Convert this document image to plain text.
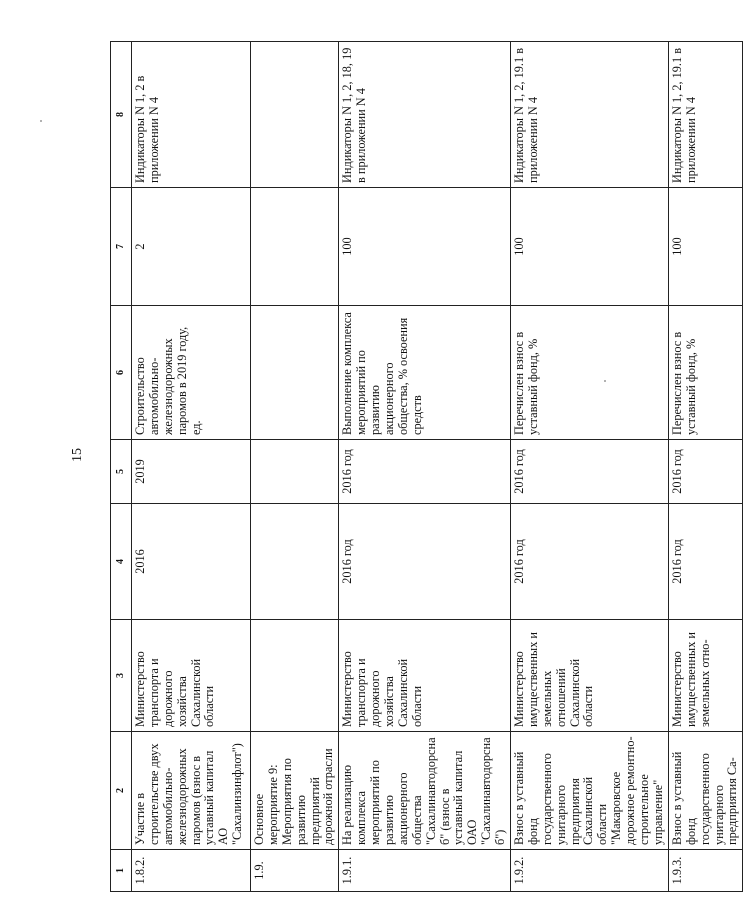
15
1	2	3	4	5	6	7	8
1.8.2.	Участие в строительстве двух автомобильно-железнодорожных паромов (взнос в уставный капитал АО "Сахалинзинфлот")	Министерство транспорта и дорожного хозяйства Сахалинской области	2016	2019	Строительство автомобильно-железнодорожных паромов в 2019 году, ед.	2	Индикаторы N 1, 2 в приложении N 4
1.9.	Основное мероприятие 9: Мероприятия по развитию предприятий дорожной отрасли						
1.9.1.	На реализацию комплекса мероприятий по развитию акционерного общества "Сахалинавтодорснаб" (взнос в уставный капитал ОАО "Сахалинавтодорснаб")	Министерство транспорта и дорожного хозяйства Сахалинской области	2016 год	2016 год	Выполнение комплекса мероприятий по развитию акционерного общества, % освоения средств	100	Индикаторы N 1, 2, 18, 19 в приложении N 4
1.9.2.	Взнос в уставный фонд государственного унитарного предприятия Сахалинской области "Макаровское дорожное ремонтно-строительное управление"	Министерство имущественных и земельных отношений Сахалинской области	2016 год	2016 год	Перечислен взнос в уставный фонд, %	100	Индикаторы N 1, 2, 19.1 в приложении N 4
1.9.3.	Взнос в уставный фонд государственного унитарного предприятия Са-	Министерство имущественных и земельных отно-	2016 год	2016 год	Перечислен взнос в уставный фонд, %	100	Индикаторы N 1, 2, 19.1 в приложении N 4
